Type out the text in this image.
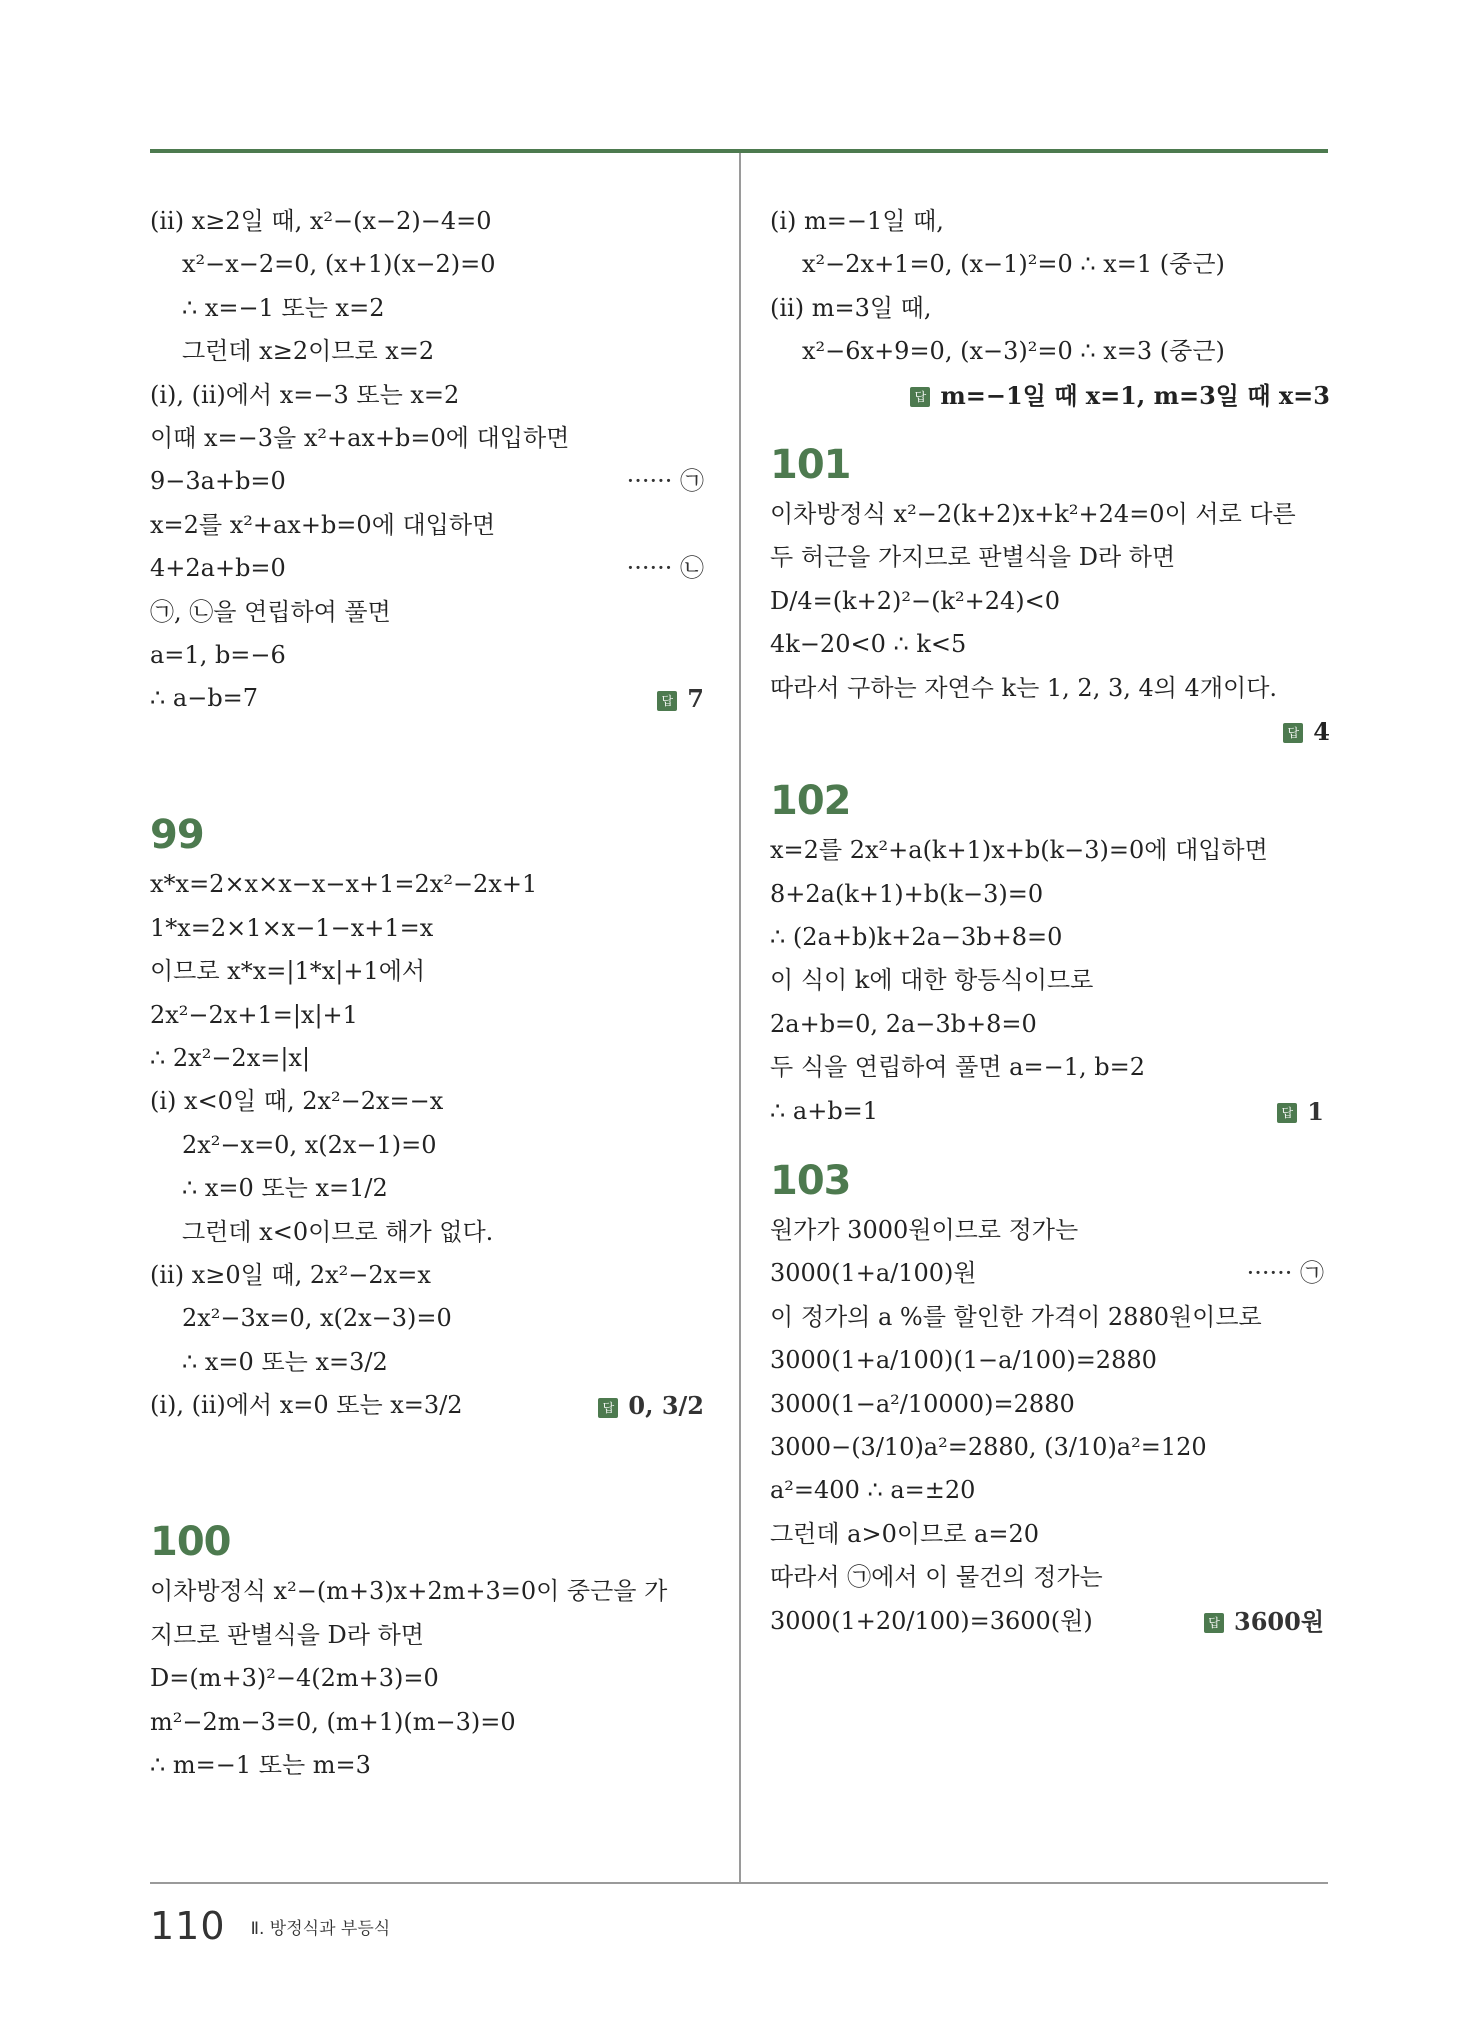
(ii) x≥2일 때, x²−(x−2)−4=0
x²−x−2=0, (x+1)(x−2)=0
∴ x=−1 또는 x=2
그런데 x≥2이므로 x=2
(i), (ii)에서 x=−3 또는 x=2
이때 x=−3을 x²+ax+b=0에 대입하면
9−3a+b=0	······ ㉠
x=2를 x²+ax+b=0에 대입하면
4+2a+b=0	······ ㉡
㉠, ㉡을 연립하여 풀면
a=1, b=−6
∴ a−b=7	답 7
99
x*x=2×x×x−x−x+1=2x²−2x+1
1*x=2×1×x−1−x+1=x
이므로 x*x=|1*x|+1에서
2x²−2x+1=|x|+1
∴ 2x²−2x=|x|
(i) x<0일 때, 2x²−2x=−x
2x²−x=0, x(2x−1)=0
∴ x=0 또는 x=1/2
그런데 x<0이므로 해가 없다.
(ii) x≥0일 때, 2x²−2x=x
2x²−3x=0, x(2x−3)=0
∴ x=0 또는 x=3/2
(i), (ii)에서 x=0 또는 x=3/2	답 0, 3/2
100
이차방정식 x²−(m+3)x+2m+3=0이 중근을 가
지므로 판별식을 D라 하면
D=(m+3)²−4(2m+3)=0
m²−2m−3=0, (m+1)(m−3)=0
∴ m=−1 또는 m=3
(i) m=−1일 때,
x²−2x+1=0, (x−1)²=0 ∴ x=1 (중근)
(ii) m=3일 때,
x²−6x+9=0, (x−3)²=0 ∴ x=3 (중근)
답 m=−1일 때 x=1, m=3일 때 x=3
101
이차방정식 x²−2(k+2)x+k²+24=0이 서로 다른
두 허근을 가지므로 판별식을 D라 하면
D/4=(k+2)²−(k²+24)<0
4k−20<0 ∴ k<5
따라서 구하는 자연수 k는 1, 2, 3, 4의 4개이다.
답 4
102
x=2를 2x²+a(k+1)x+b(k−3)=0에 대입하면
8+2a(k+1)+b(k−3)=0
∴ (2a+b)k+2a−3b+8=0
이 식이 k에 대한 항등식이므로
2a+b=0, 2a−3b+8=0
두 식을 연립하여 풀면 a=−1, b=2
∴ a+b=1	답 1
103
원가가 3000원이므로 정가는
3000(1+a/100)원	······ ㉠
이 정가의 a %를 할인한 가격이 2880원이므로
3000(1+a/100)(1−a/100)=2880
3000(1−a²/10000)=2880
3000−(3/10)a²=2880, (3/10)a²=120
a²=400 ∴ a=±20
그런데 a>0이므로 a=20
따라서 ㉠에서 이 물건의 정가는
3000(1+20/100)=3600(원)	답 3600원
110 Ⅱ. 방정식과 부등식
